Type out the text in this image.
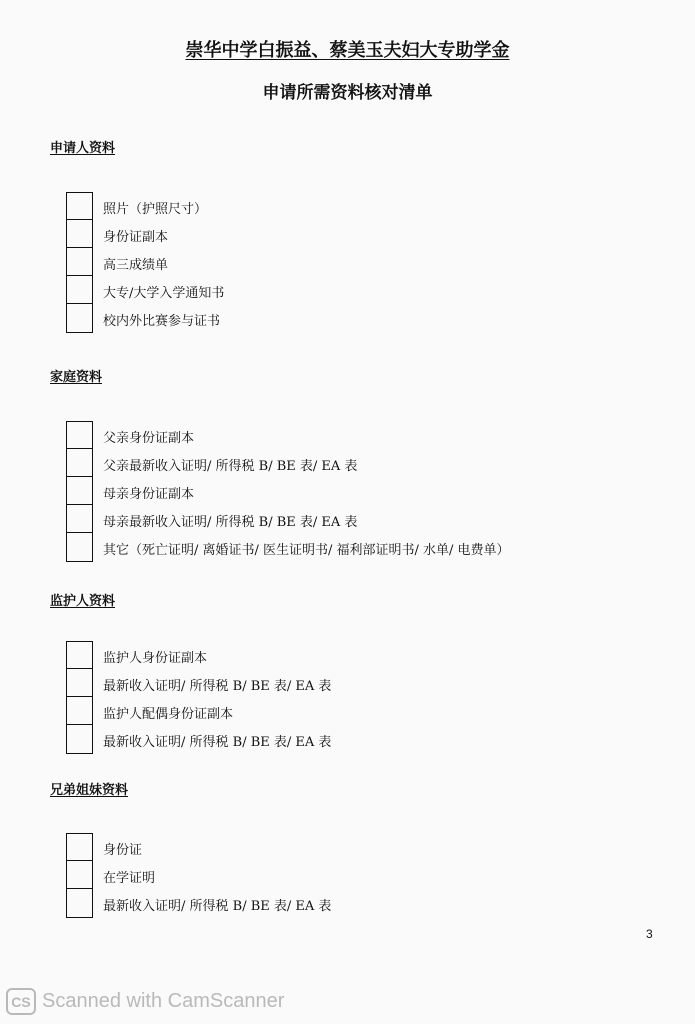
崇华中学白振益、蔡美玉夫妇大专助学金
申请所需资料核对清单
申请人资料
照片（护照尺寸）
身份证副本
高三成绩单
大专/大学入学通知书
校内外比赛参与证书
家庭资料
父亲身份证副本
父亲最新收入证明/ 所得税 B/ BE 表/ EA 表
母亲身份证副本
母亲最新收入证明/ 所得税 B/ BE 表/ EA 表
其它（死亡证明/ 离婚证书/ 医生证明书/ 福利部证明书/ 水单/ 电费单）
监护人资料
监护人身份证副本
最新收入证明/ 所得税 B/ BE 表/ EA 表
监护人配偶身份证副本
最新收入证明/ 所得税 B/ BE 表/ EA 表
兄弟姐妹资料
身份证
在学证明
最新收入证明/ 所得税 B/ BE 表/ EA 表
3
CS Scanned with CamScanner
